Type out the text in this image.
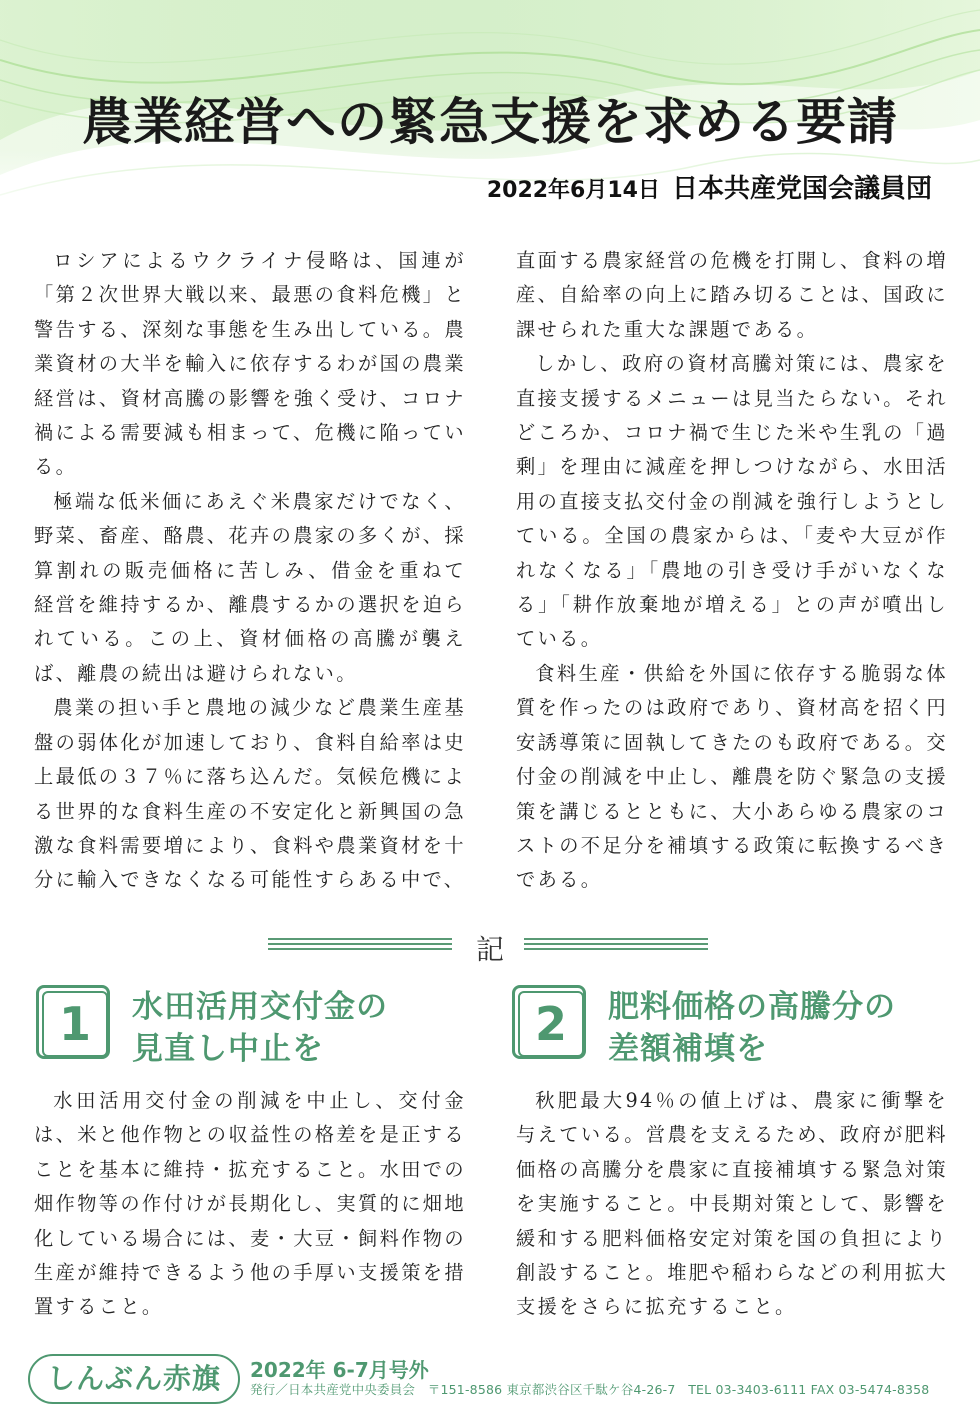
農業経営への緊急支援を求める要請
2022年6月14日 日本共産党国会議員団

ロシアによるウクライナ侵略は、国連が「第２次世界大戦以来、最悪の食料危機」と警告する、深刻な事態を生み出している。農業資材の大半を輸入に依存するわが国の農業経営は、資材高騰の影響を強く受け、コロナ禍による需要減も相まって、危機に陥っている。

極端な低米価にあえぐ米農家だけでなく、野菜、畜産、酪農、花卉の農家の多くが、採算割れの販売価格に苦しみ、借金を重ねて経営を維持するか、離農するかの選択を迫られている。この上、資材価格の高騰が襲えば、離農の続出は避けられない。

農業の担い手と農地の減少など農業生産基盤の弱体化が加速しており、食料自給率は史上最低の３７％に落ち込んだ。気候危機による世界的な食料生産の不安定化と新興国の急激な食料需要増により、食料や農業資材を十分に輸入できなくなる可能性すらある中で、

直面する農家経営の危機を打開し、食料の増産、自給率の向上に踏み切ることは、国政に課せられた重大な課題である。

しかし、政府の資材高騰対策には、農家を直接支援するメニューは見当たらない。それどころか、コロナ禍で生じた米や生乳の「過剰」を理由に減産を押しつけながら、水田活用の直接支払交付金の削減を強行しようとしている。全国の農家からは、「麦や大豆が作れなくなる」「農地の引き受け手がいなくなる」「耕作放棄地が増える」との声が噴出している。

食料生産・供給を外国に依存する脆弱な体質を作ったのは政府であり、資材高を招く円安誘導策に固執してきたのも政府である。交付金の削減を中止し、離農を防ぐ緊急の支援策を講じるとともに、大小あらゆる農家のコストの不足分を補填する政策に転換するべきである。

記
1	水田活用交付金の
見直し中止を	2	肥料価格の高騰分の
差額補填を

水田活用交付金の削減を中止し、交付金は、米と他作物との収益性の格差を是正することを基本に維持・拡充すること。水田での畑作物等の作付けが長期化し、実質的に畑地化している場合には、麦・大豆・飼料作物の生産が維持できるよう他の手厚い支援策を措置すること。

秋肥最大94％の値上げは、農家に衝撃を与えている。営農を支えるため、政府が肥料価格の高騰分を農家に直接補填する緊急対策を実施すること。中長期対策として、影響を緩和する肥料価格安定対策を国の負担により創設すること。堆肥や稲わらなどの利用拡大支援をさらに拡充すること。

しんぶん赤旗	2022年 6-7月号外
発行／日本共産党中央委員会　〒151-8586 東京都渋谷区千駄ケ谷4-26-7　TEL 03-3403-6111 FAX 03-5474-8358
